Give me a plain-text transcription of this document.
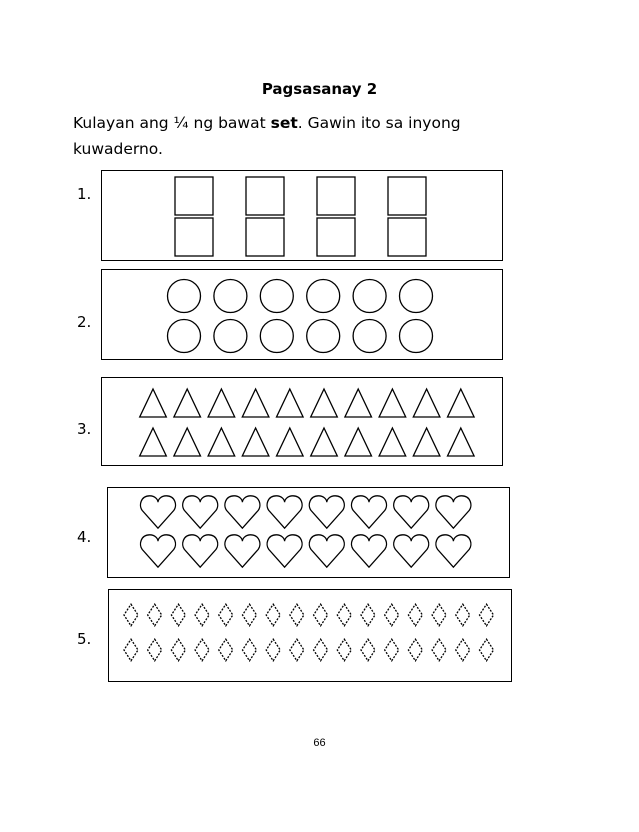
Pagsasanay 2
Kulayan ang ¼ ng bawat set. Gawin ito sa inyong kuwaderno.
1.
2.
3.
4.
5.
66
